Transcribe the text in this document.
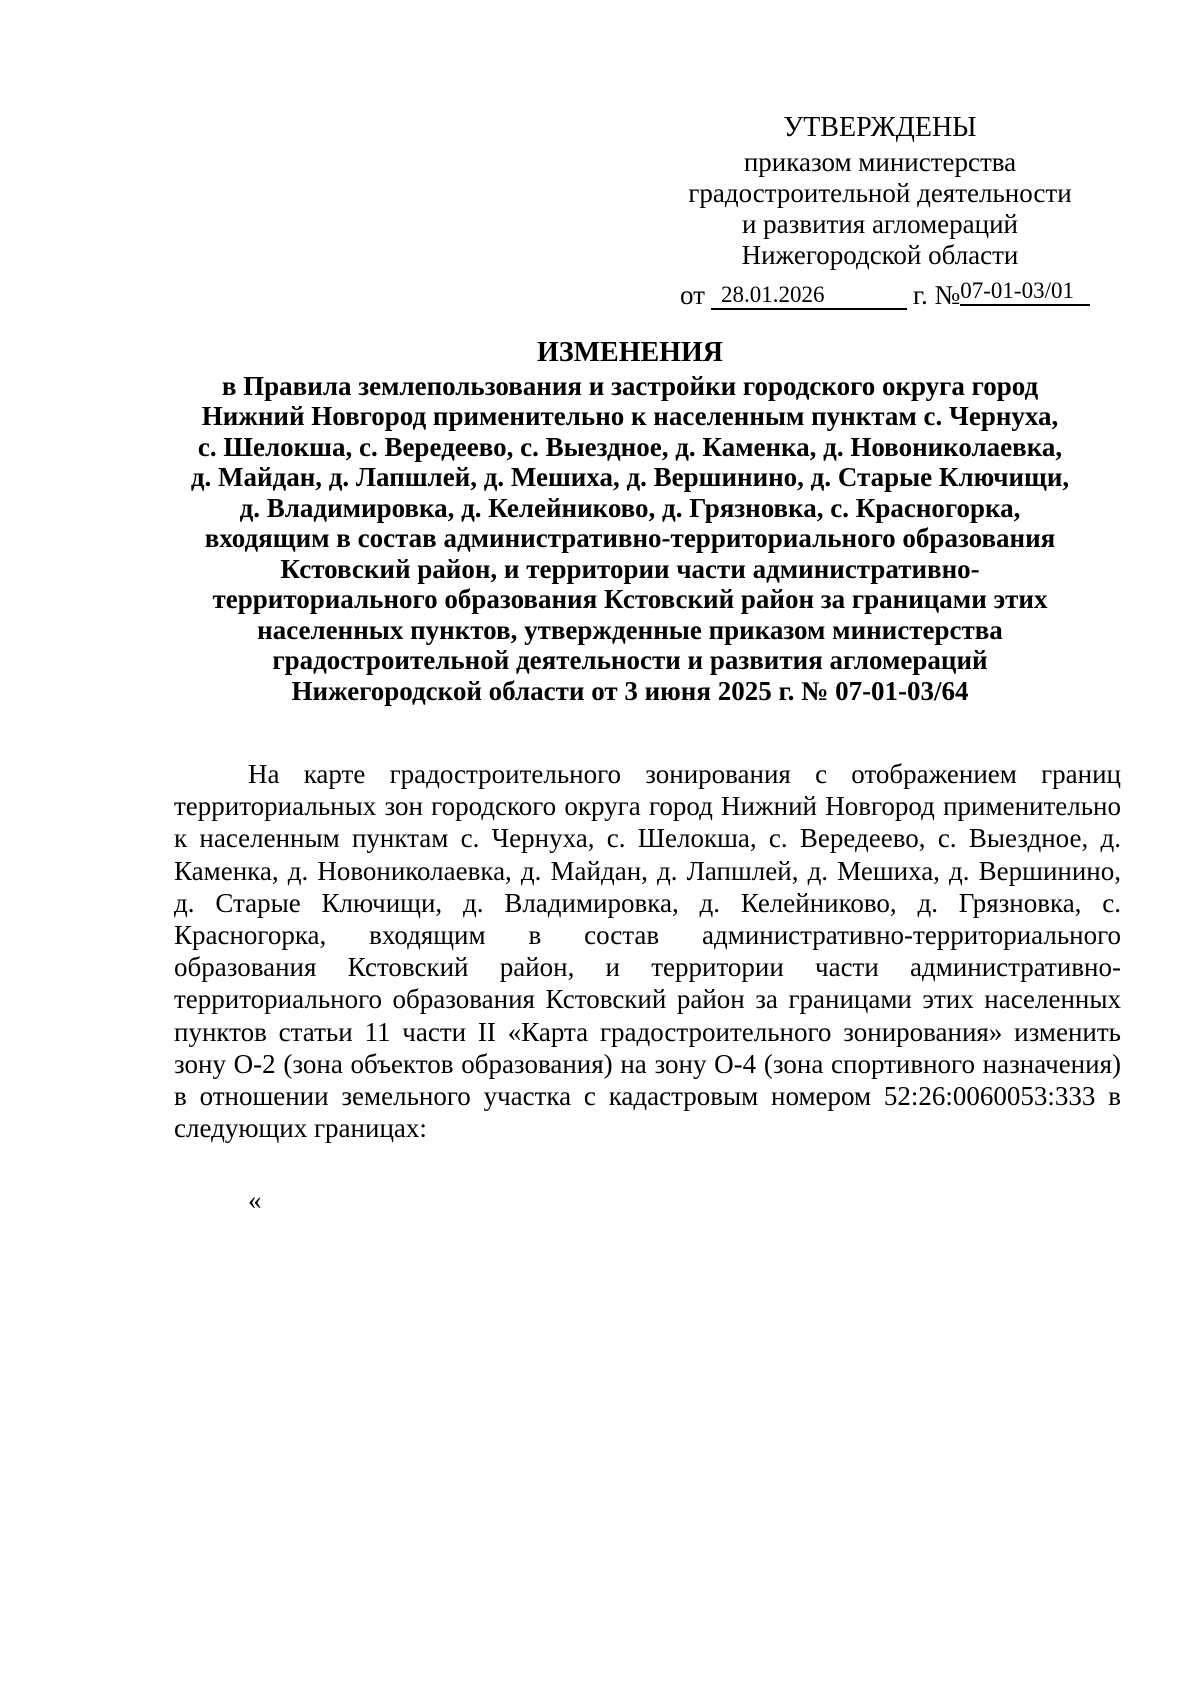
УТВЕРЖДЕНЫ
приказом министерства
градостроительной деятельности
и развития агломераций
Нижегородской области
от 28.01.2026	г. №07-01-03/01
ИЗМЕНЕНИЯ
в Правила землепользования и застройки городского округа город
Нижний Новгород применительно к населенным пунктам с. Чернуха,
с. Шелокша, с. Вередеево, с. Выездное, д. Каменка, д. Новониколаевка,
д. Майдан, д. Лапшлей, д. Мешиха, д. Вершинино, д. Старые Ключищи,
д. Владимировка, д. Келейниково, д. Грязновка, с. Красногорка,
входящим в состав административно-территориального образования
Кстовский район, и территории части административно-
территориального образования Кстовский район за границами этих
населенных пунктов, утвержденные приказом министерства
градостроительной деятельности и развития агломераций
Нижегородской области от 3 июня 2025 г. № 07-01-03/64
На карте градостроительного зонирования с отображением границ территориальных зон городского округа город Нижний Новгород применительно к населенным пунктам с. Чернуха, с. Шелокша, с. Вередеево, с. Выездное, д. Каменка, д. Новониколаевка, д. Майдан, д. Лапшлей, д. Мешиха, д. Вершинино, д. Старые Ключищи, д. Владимировка, д. Келейниково, д. Грязновка, с. Красногорка, входящим в состав административно-территориального образования Кстовский район, и территории части административно-территориального образования Кстовский район за границами этих населенных пунктов статьи 11 части II «Карта градостроительного зонирования» изменить зону О-2 (зона объектов образования) на зону О-4 (зона спортивного назначения) в отношении земельного участка с кадастровым номером 52:26:0060053:333 в следующих границах:
«
